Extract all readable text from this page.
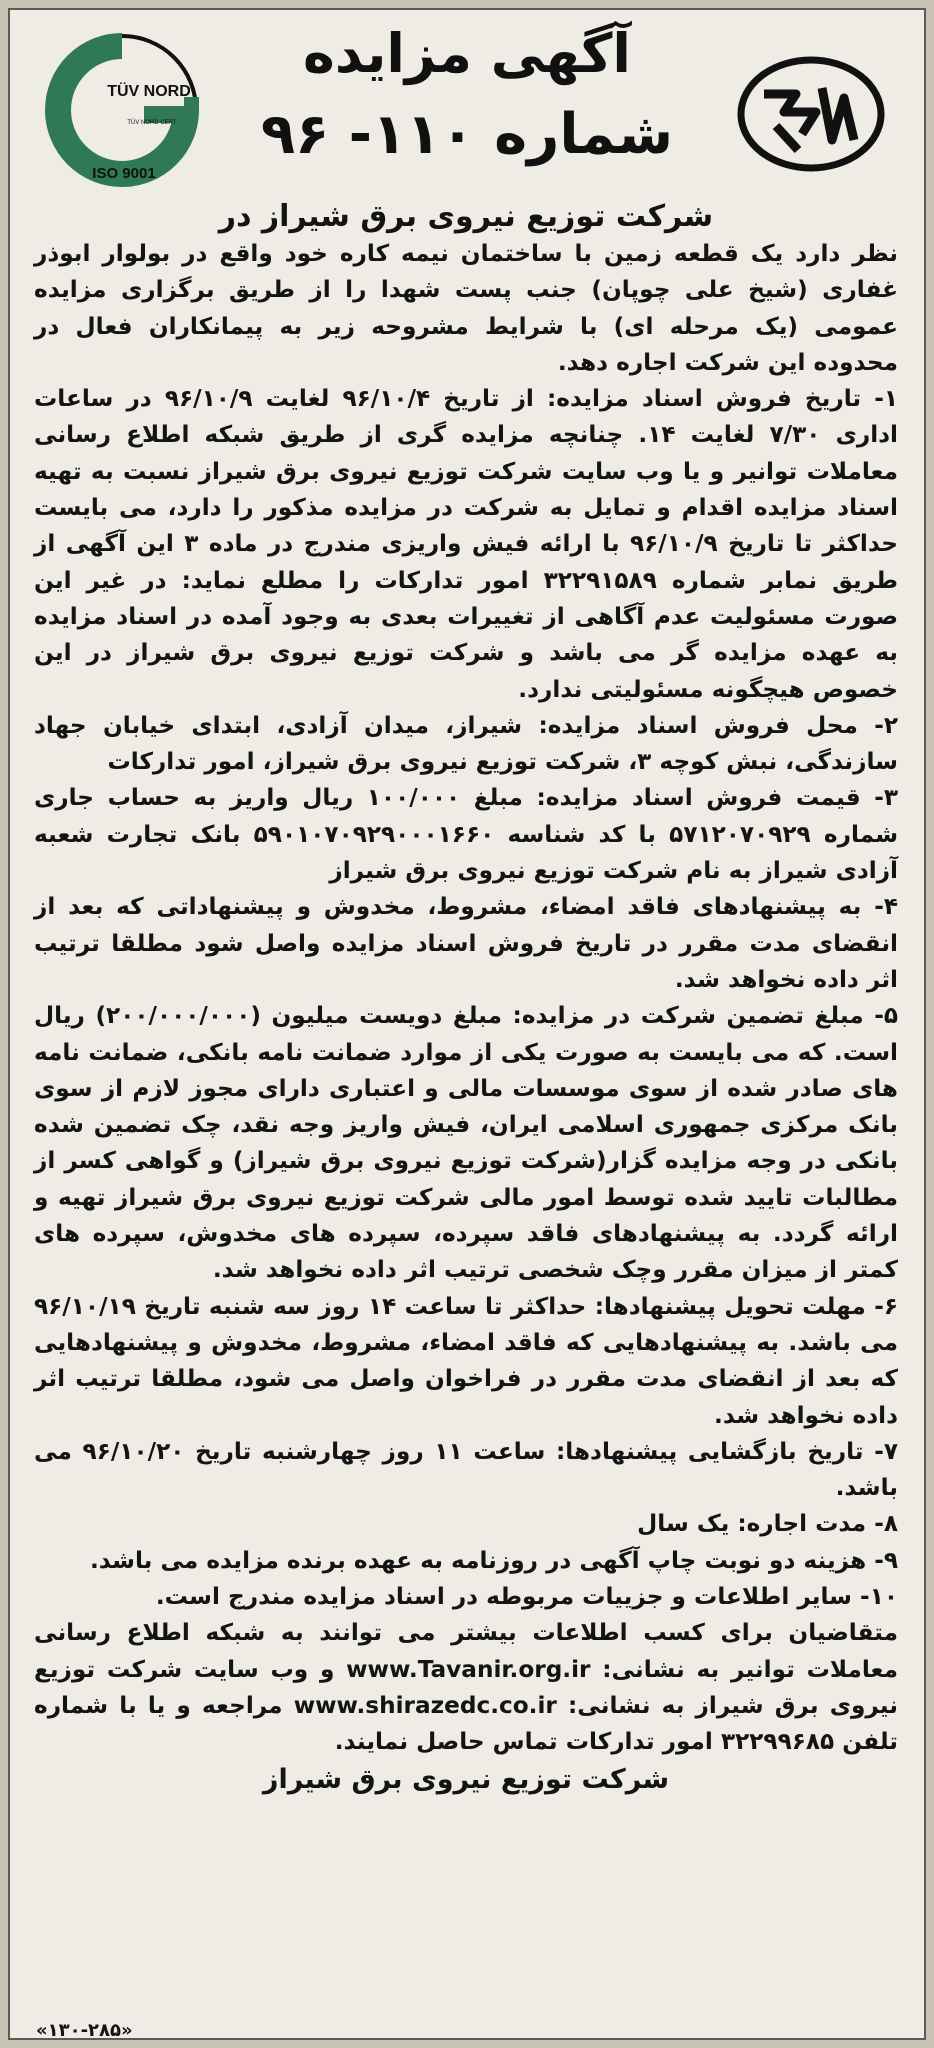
آگهی مزایده
شماره ۱۱۰- ۹۶
TÜV NORD
TÜV NORD CERT
ISO 9001

شرکت توزیع نیروی برق شیراز در

نظر دارد یک قطعه زمین با ساختمان نیمه کاره خود واقع در بولوار ابوذر غفاری (شیخ علی چوپان) جنب پست شهدا را از طریق برگزاری مزایده عمومی (یک مرحله ای) با شرایط مشروحه زیر به پیمانکاران فعال در محدوده این شرکت اجاره دهد.

۱- تاریخ فروش اسناد مزایده: از تاریخ ۹۶/۱۰/۴ لغایت ۹۶/۱۰/۹ در ساعات اداری ۷/۳۰ لغایت ۱۴. چنانچه مزایده گری از طریق شبکه اطلاع رسانی معاملات توانیر و یا وب سایت شرکت توزیع نیروی برق شیراز نسبت به تهیه اسناد مزایده اقدام و تمایل به شرکت در مزایده مذکور را دارد، می بایست حداکثر تا تاریخ ۹۶/۱۰/۹ با ارائه فیش واریزی مندرج در ماده ۳ این آگهی از طریق نمابر شماره ۳۲۲۹۱۵۸۹ امور تدارکات را مطلع نماید: در غیر این صورت مسئولیت عدم آگاهی از تغییرات بعدی به وجود آمده در اسناد مزایده به عهده مزایده گر می باشد و شرکت توزیع نیروی برق شیراز در این خصوص هیچگونه مسئولیتی ندارد.

۲- محل فروش اسناد مزایده: شیراز، میدان آزادی، ابتدای خیابان جهاد سازندگی، نبش کوچه ۳، شرکت توزیع نیروی برق شیراز، امور تدارکات

۳- قیمت فروش اسناد مزایده: مبلغ ۱۰۰/۰۰۰ ریال واریز به حساب جاری شماره ۵۷۱۲۰۷۰۹۲۹ با کد شناسه ۵۹۰۱۰۷۰۹۲۹۰۰۰۱۶۶۰ بانک تجارت شعبه آزادی شیراز به نام شرکت توزیع نیروی برق شیراز

۴- به پیشنهادهای فاقد امضاء، مشروط، مخدوش و پیشنهاداتی که بعد از انقضای مدت مقرر در تاریخ فروش اسناد مزایده واصل شود مطلقا ترتیب اثر داده نخواهد شد.

۵- مبلغ تضمین شرکت در مزایده: مبلغ دویست میلیون (۲۰۰/۰۰۰/۰۰۰) ریال است. که می بایست به صورت یکی از موارد ضمانت نامه بانکی، ضمانت نامه های صادر شده از سوی موسسات مالی و اعتباری دارای مجوز لازم از سوی بانک مرکزی جمهوری اسلامی ایران، فیش واریز وجه نقد، چک تضمین شده بانکی در وجه مزایده گزار(شرکت توزیع نیروی برق شیراز) و گواهی کسر از مطالبات تایید شده توسط امور مالی شرکت توزیع نیروی برق شیراز تهیه و ارائه گردد. به پیشنهادهای فاقد سپرده، سپرده های مخدوش، سپرده های کمتر از میزان مقرر وچک شخصی ترتیب اثر داده نخواهد شد.

۶- مهلت تحویل پیشنهادها: حداکثر تا ساعت ۱۴ روز سه شنبه تاریخ ۹۶/۱۰/۱۹ می باشد. به پیشنهادهایی که فاقد امضاء، مشروط، مخدوش و پیشنهادهایی که بعد از انقضای مدت مقرر در فراخوان واصل می شود، مطلقا ترتیب اثر داده نخواهد شد.

۷- تاریخ بازگشایی پیشنهادها: ساعت ۱۱ روز چهارشنبه تاریخ ۹۶/۱۰/۲۰ می باشد.

۸- مدت اجاره: یک سال

۹- هزینه دو نوبت چاپ آگهی در روزنامه به عهده برنده مزایده می باشد.

۱۰- سایر اطلاعات و جزییات مربوطه در اسناد مزایده مندرج است.

متقاضیان برای کسب اطلاعات بیشتر می توانند به شبکه اطلاع رسانی معاملات توانیر به نشانی: www.Tavanir.org.ir و وب سایت شرکت توزیع نیروی برق شیراز به نشانی: www.shirazedc.co.ir مراجعه و یا با شماره تلفن ۳۲۲۹۹۶۸۵ امور تدارکات تماس حاصل نمایند.

شرکت توزیع نیروی برق شیراز

«۱۳۰-۲۸۵»
